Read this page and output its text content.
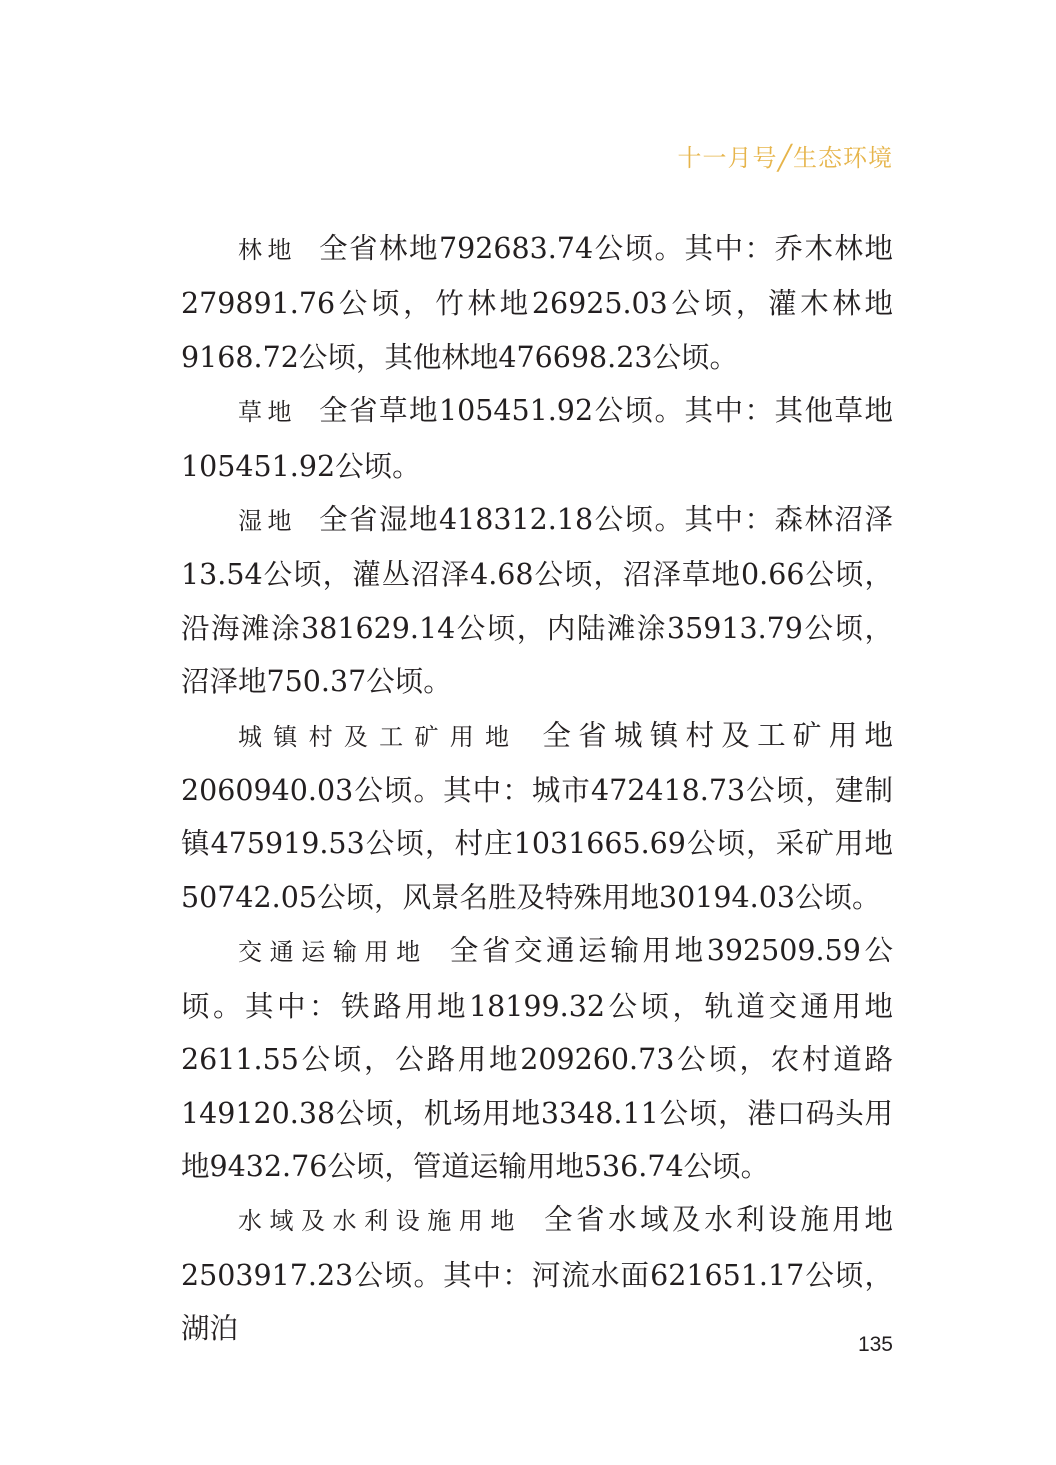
十一月号╱生态环境

林地 全省林地792683.74公顷。其中：乔木林地279891.76公顷，竹林地26925.03公顷，灌木林地9168.72公顷，其他林地476698.23公顷。

草地 全省草地105451.92公顷。其中：其他草地105451.92公顷。

湿地 全省湿地418312.18公顷。其中：森林沼泽13.54公顷，灌丛沼泽4.68公顷，沼泽草地0.66公顷，沿海滩涂381629.14公顷，内陆滩涂35913.79公顷，沼泽地750.37公顷。

城镇村及工矿用地 全省城镇村及工矿用地2060940.03公顷。其中：城市472418.73公顷，建制镇475919.53公顷，村庄1031665.69公顷，采矿用地50742.05公顷，风景名胜及特殊用地30194.03公顷。

交通运输用地 全省交通运输用地392509.59公顷。其中：铁路用地18199.32公顷，轨道交通用地2611.55公顷，公路用地209260.73公顷，农村道路149120.38公顷，机场用地3348.11公顷，港口码头用地9432.76公顷，管道运输用地536.74公顷。

水域及水利设施用地 全省水域及水利设施用地2503917.23公顷。其中：河流水面621651.17公顷，湖泊	135
